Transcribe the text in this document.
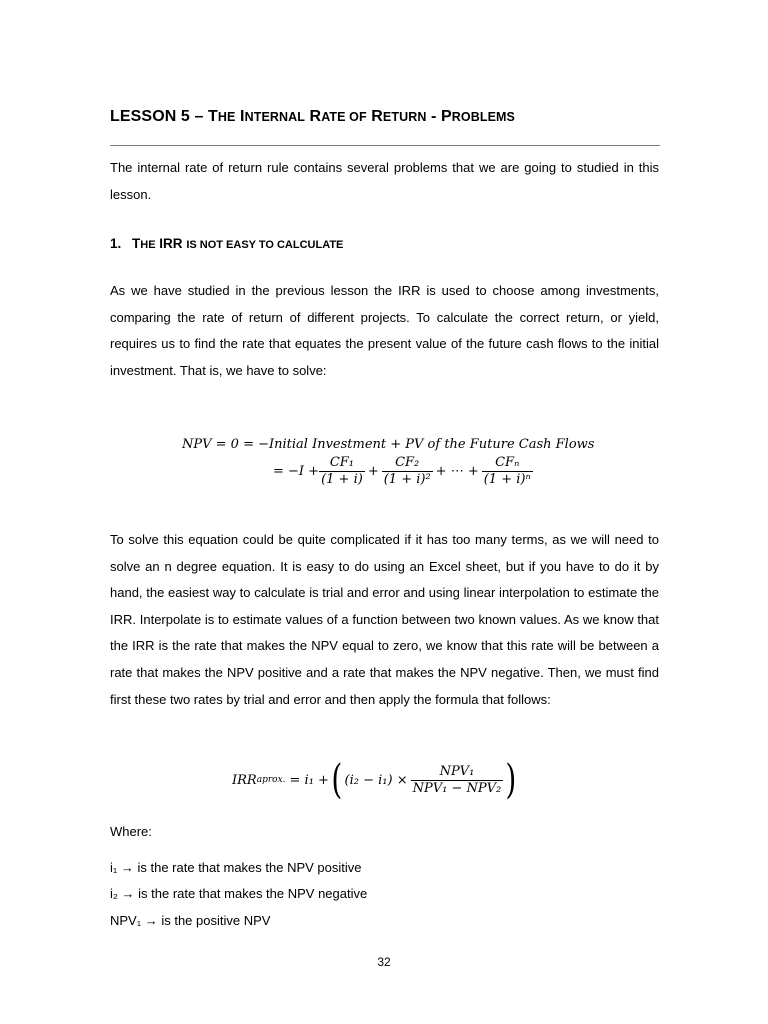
LESSON 5 – THE INTERNAL RATE OF RETURN - PROBLEMS
The internal rate of return rule contains several problems that we are going to studied in this lesson.
1. THE IRR IS NOT EASY TO CALCULATE
As we have studied in the previous lesson the IRR is used to choose among investments, comparing the rate of return of different projects. To calculate the correct return, or yield, requires us to find the rate that equates the present value of the future cash flows to the initial investment. That is, we have to solve:
NPV = 0 = −Initial Investment + PV of the Future Cash Flows
= $-I + \frac{\text{CF₁}}{(1 + i)} + \frac{\text{CF₂}}{\text{(1 + i)²}}$ + ⋯ + $\frac{\text{CFₙ}}{\text{(1 + i)ⁿ}}$
To solve this equation could be quite complicated if it has too many terms, as we will need to solve an n degree equation. It is easy to do using an Excel sheet, but if you have to do it by hand, the easiest way to calculate is trial and error and using linear interpolation to estimate the IRR. Interpolate is to estimate values of a function between two known values. As we know that the IRR is the rate that makes the NPV equal to zero, we know that this rate will be between a rate that makes the NPV positive and a rate that makes the NPV negative. Then, we must find first these two rates by trial and error and then apply the formula that follows:
IRR aprox. = i₁ + ( $(i_2 - i_1) \times \frac{\text{NPV₁}}{\text{NPV₁ − NPV₂}}$ )
Where:
i₁ → is the rate that makes the NPV positive
i₂ → is the rate that makes the NPV negative
NPV₁ → is the positive NPV
32
